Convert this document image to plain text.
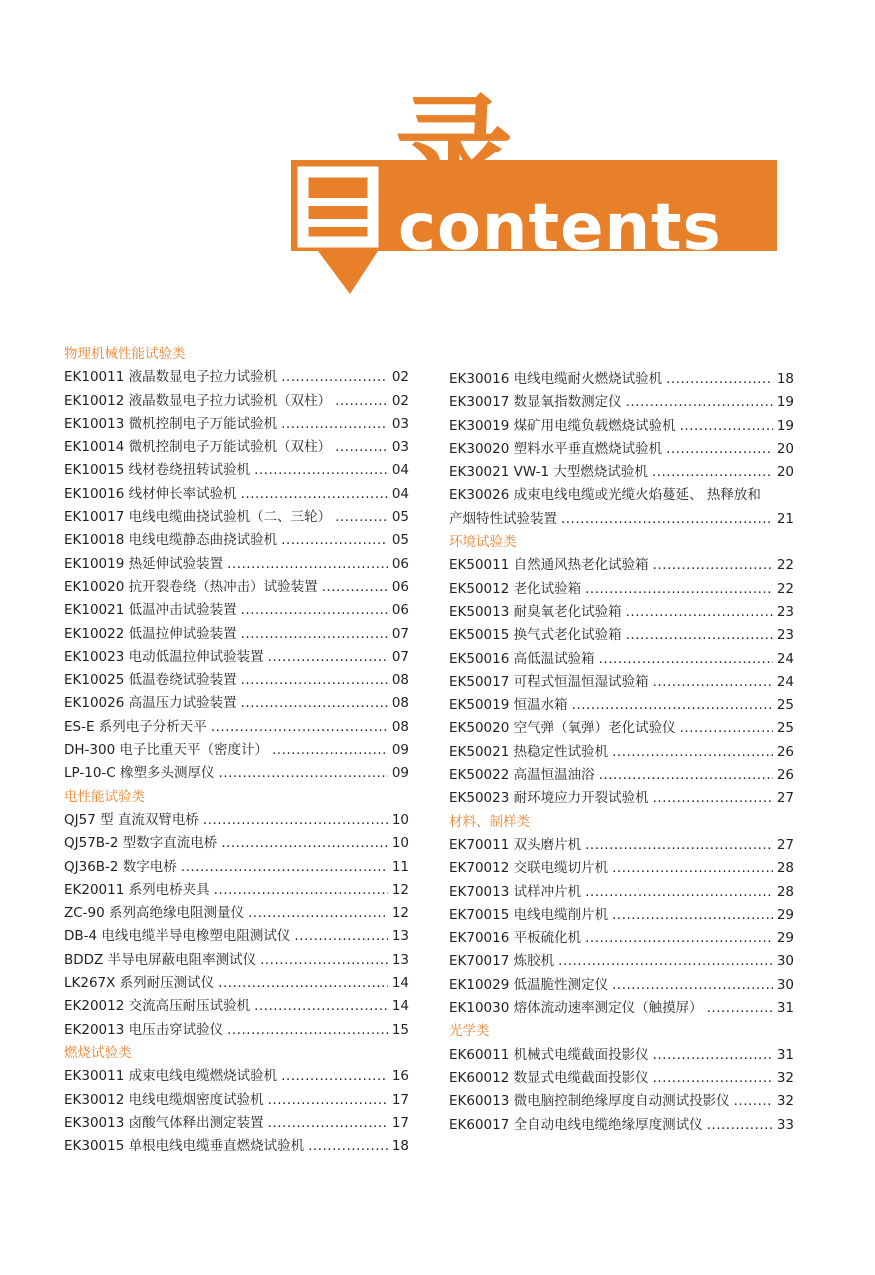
录
contents
物理机械性能试验类
EK10011 液晶数显电子拉力试验机 .....	02
EK10012 液晶数显电子拉力试验机（双柱） .....	02
EK10013 微机控制电子万能试验机 .....	03
EK10014 微机控制电子万能试验机（双柱） .....	03
EK10015 线材卷绕扭转试验机 .....	04
EK10016 线材伸长率试验机 .....	04
EK10017 电线电缆曲挠试验机（二、三轮） .....	05
EK10018 电线电缆静态曲挠试验机 .....	05
EK10019 热延伸试验装置 .....	06
EK10020 抗开裂卷绕（热冲击）试验装置 .....	06
EK10021 低温冲击试验装置 .....	06
EK10022 低温拉伸试验装置 .....	07
EK10023 电动低温拉伸试验装置 .....	07
EK10025 低温卷绕试验装置 .....	08
EK10026 高温压力试验装置 .....	08
ES-E 系列电子分析天平 .....	08
DH-300 电子比重天平（密度计） .....	09
LP-10-C 橡塑多头测厚仪 .....	09
电性能试验类
QJ57 型 直流双臂电桥 .....	10
QJ57B-2 型数字直流电桥 .....	10
QJ36B-2 数字电桥 .....	11
EK20011 系列电桥夹具 .....	12
ZC-90 系列高绝缘电阻测量仪 .....	12
DB-4 电线电缆半导电橡塑电阻测试仪 .....	13
BDDZ 半导电屏蔽电阻率测试仪 .....	13
LK267X 系列耐压测试仪 .....	14
EK20012 交流高压耐压试验机 .....	14
EK20013 电压击穿试验仪 .....	15
燃烧试验类
EK30011 成束电线电缆燃烧试验机 .....	16
EK30012 电线电缆烟密度试验机 .....	17
EK30013 卤酸气体释出测定装置 .....	17
EK30015 单根电线电缆垂直燃烧试验机 .....	18
EK30016 电线电缆耐火燃烧试验机 .....	18
EK30017 数显氧指数测定仪 .....	19
EK30019 煤矿用电缆负载燃烧试验机 .....	19
EK30020 塑料水平垂直燃烧试验机 .....	20
EK30021 VW-1 大型燃烧试验机 .....	20
EK30026 成束电线电缆或光缆火焰蔓延、 热释放和
产烟特性试验装置 .....	21
环境试验类
EK50011 自然通风热老化试验箱 .....	22
EK50012 老化试验箱 .....	22
EK50013 耐臭氧老化试验箱 .....	23
EK50015 换气式老化试验箱 .....	23
EK50016 高低温试验箱 .....	24
EK50017 可程式恒温恒湿试验箱 .....	24
EK50019 恒温水箱 .....	25
EK50020 空气弹（氧弹）老化试验仪 .....	25
EK50021 热稳定性试验机 .....	26
EK50022 高温恒温油浴 .....	26
EK50023 耐环境应力开裂试验机 .....	27
材料、制样类
EK70011 双头磨片机 .....	27
EK70012 交联电缆切片机 .....	28
EK70013 试样冲片机 .....	28
EK70015 电线电缆削片机 .....	29
EK70016 平板硫化机 .....	29
EK70017 炼胶机 .....	30
EK10029 低温脆性测定仪 .....	30
EK10030 熔体流动速率测定仪（触摸屏） .....	31
光学类
EK60011 机械式电缆截面投影仪 .....	31
EK60012 数显式电缆截面投影仪 .....	32
EK60013 微电脑控制绝缘厚度自动测试投影仪 .....	32
EK60017 全自动电线电缆绝缘厚度测试仪 .....	33
